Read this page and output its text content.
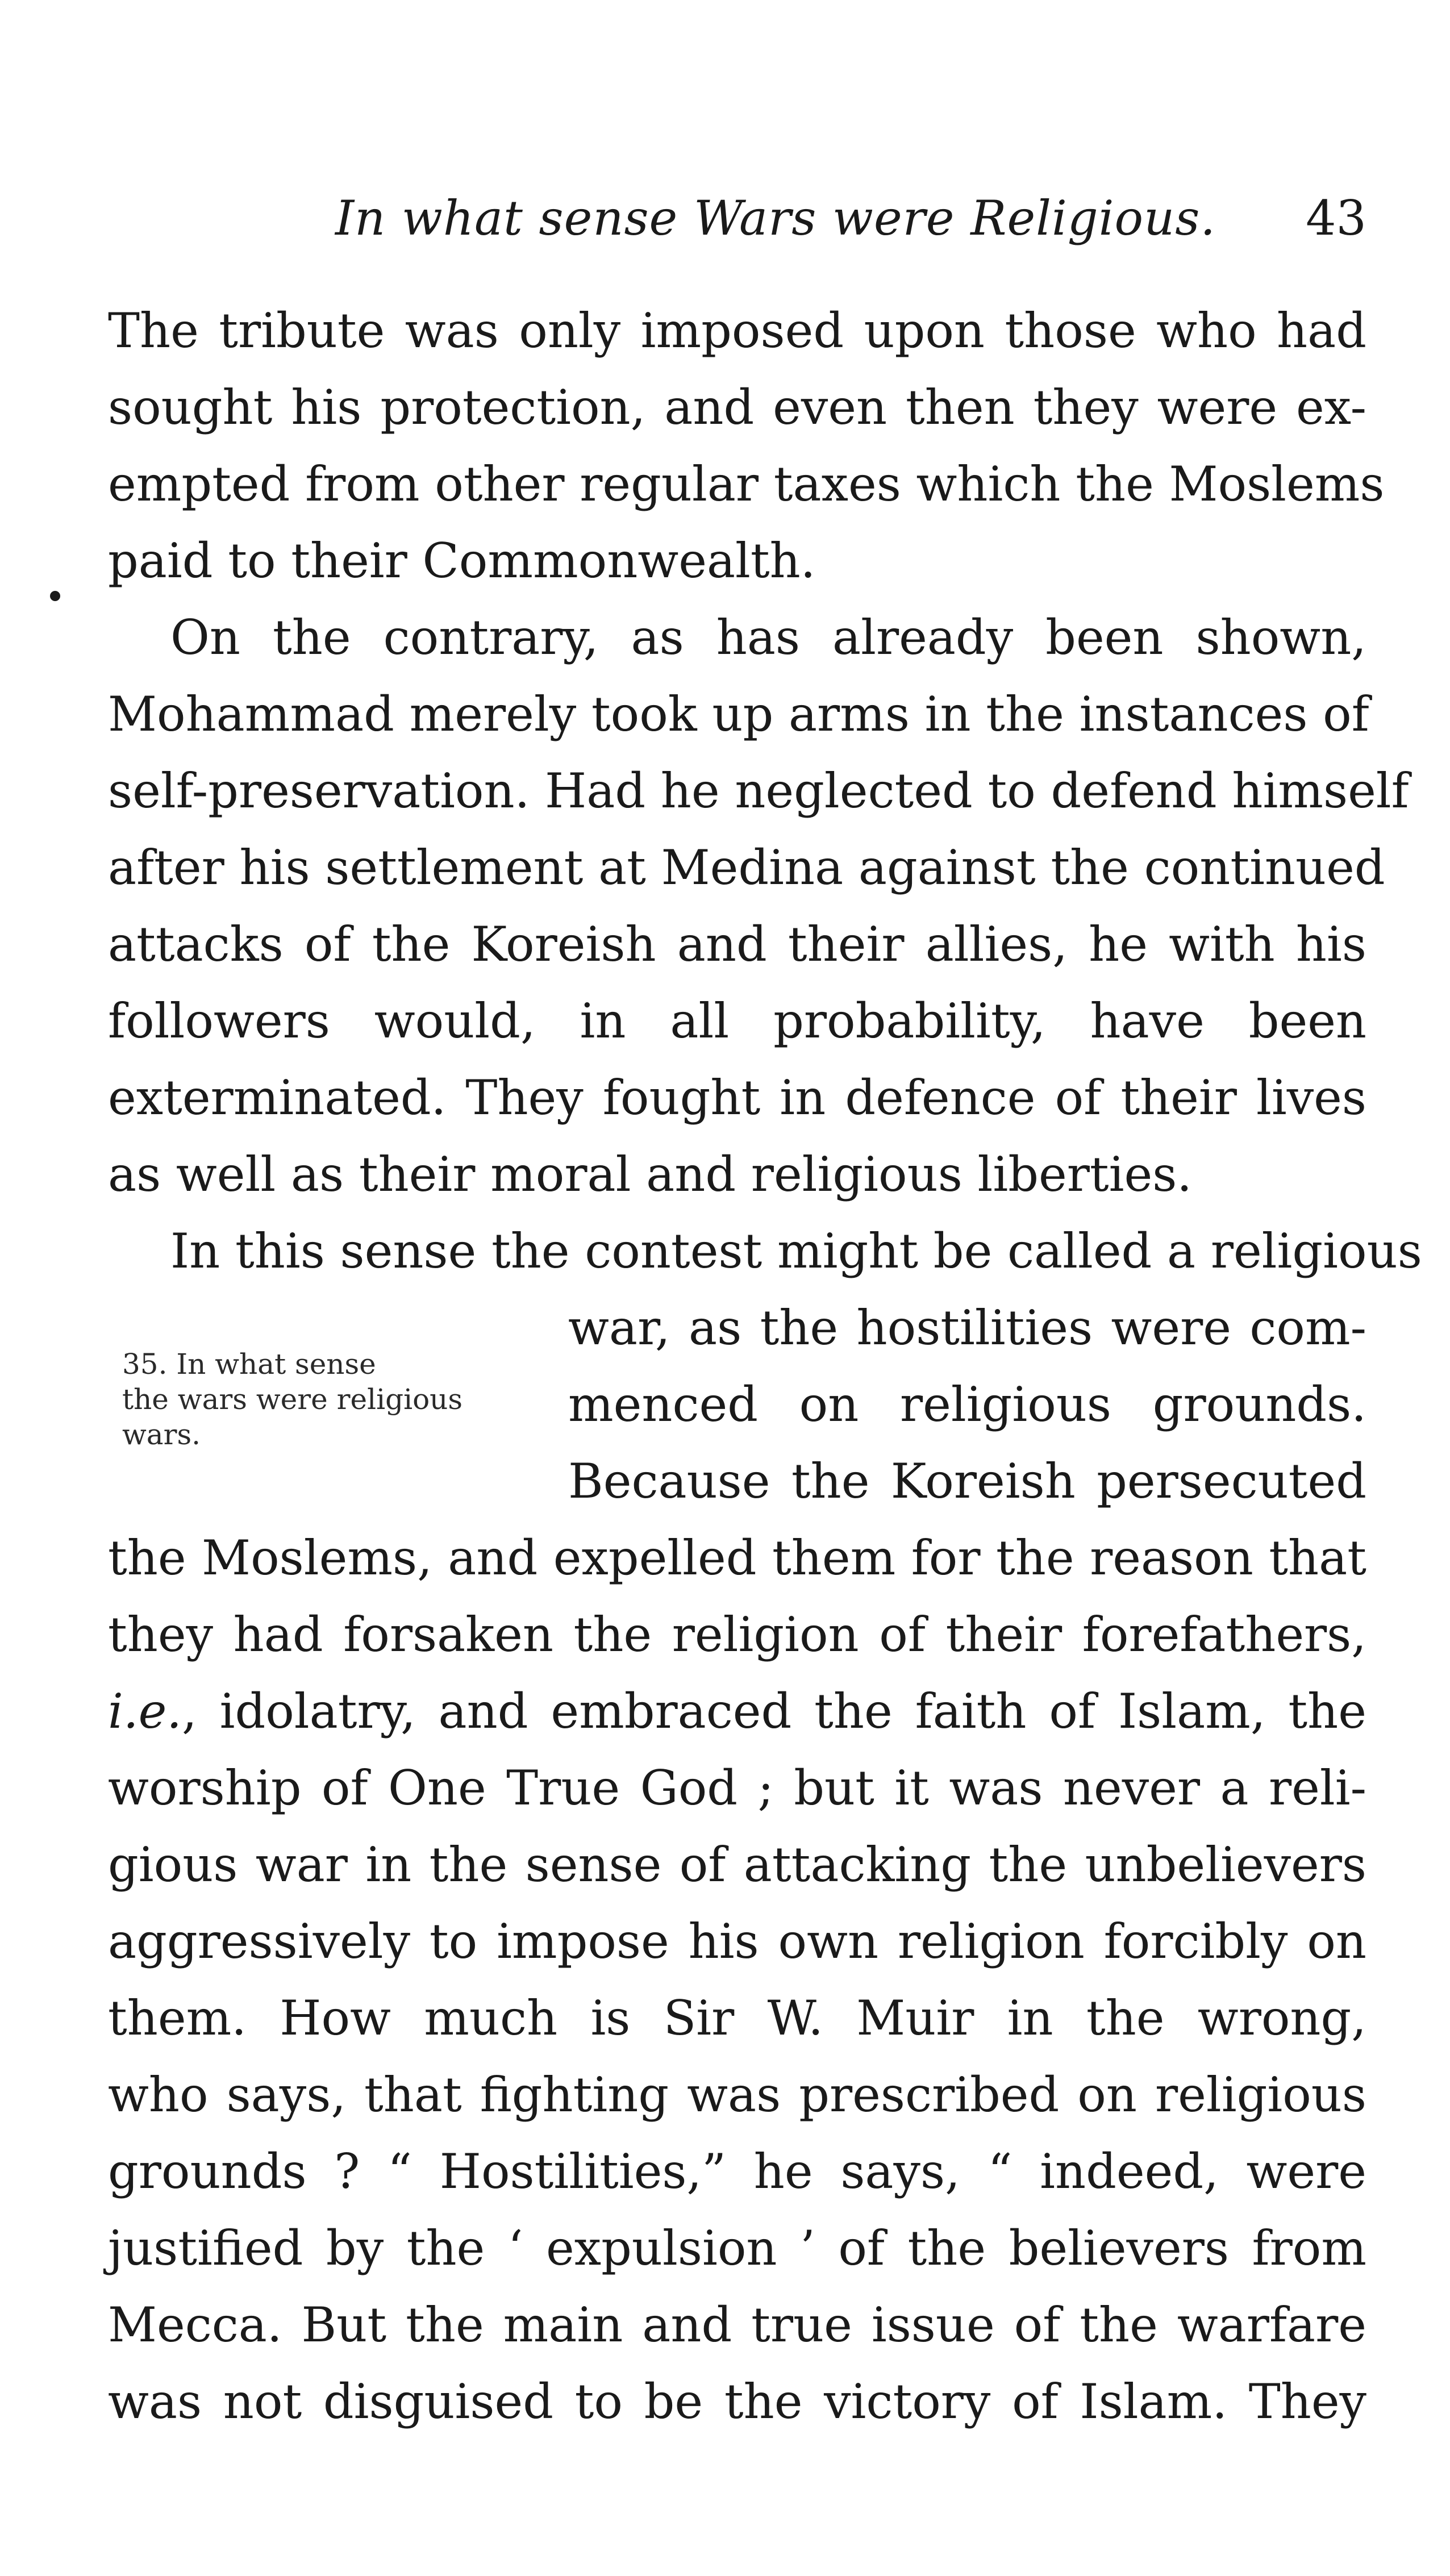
In what sense Wars were Religious. 43
The tribute was only imposed upon those who had
sought his protection, and even then they were ex-
empted from other regular taxes which the Moslems
paid to their Commonwealth.
On the contrary, as has already been shown,
Mohammad merely took up arms in the instances of
self-preservation. Had he neglected to defend himself
after his settlement at Medina against the continued
attacks of the Koreish and their allies, he with his
followers would, in all probability, have been
exterminated. They fought in defence of their lives
as well as their moral and religious liberties.
In this sense the contest might be called a religious
war, as the hostilities were com-
menced on religious grounds.
Because the Koreish persecuted
the Moslems, and expelled them for the reason that
they had forsaken the religion of their forefathers,
i.e., idolatry, and embraced the faith of Islam, the
worship of One True God ; but it was never a reli-
gious war in the sense of attacking the unbelievers
aggressively to impose his own religion forcibly on
them. How much is Sir W. Muir in the wrong,
who says, that fighting was prescribed on religious
grounds ? “ Hostilities,” he says, “ indeed, were
justified by the ‘ expulsion ’ of the believers from
Mecca. But the main and true issue of the warfare
was not disguised to be the victory of Islam. They
35. In what sense
the wars were religious
wars.
